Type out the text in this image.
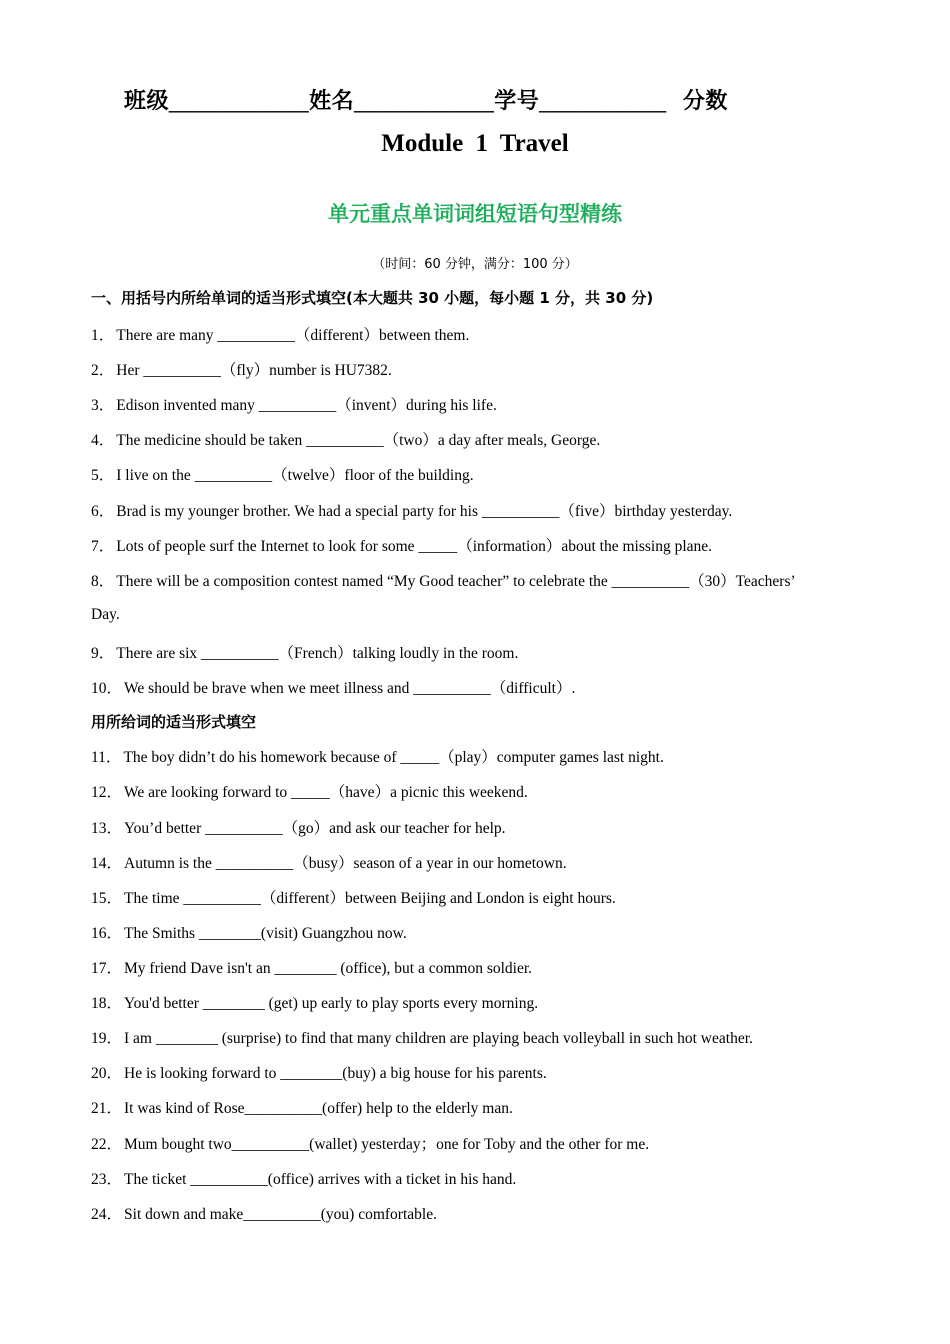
班级___________姓名___________学号__________ 分数
Module 1 Travel
单元重点单词词组短语句型精练
（时间：60 分钟，满分：100 分）
一、用括号内所给单词的适当形式填空(本大题共 30 小题，每小题 1 分，共 30 分)
1． There are many __________（different）between them.
2． Her __________（fly）number is HU7382.
3． Edison invented many __________（invent）during his life.
4． The medicine should be taken __________（two）a day after meals, George.
5． I live on the __________（twelve）floor of the building.
6． Brad is my younger brother. We had a special party for his __________（five）birthday yesterday.
7． Lots of people surf the Internet to look for some _____（information）about the missing plane.
8． There will be a composition contest named “My Good teacher” to celebrate the __________（30）Teachers’
Day.
9． There are six __________（French）talking loudly in the room.
10． We should be brave when we meet illness and __________（difficult）.
用所给词的适当形式填空
11． The boy didn’t do his homework because of _____（play）computer games last night.
12． We are looking forward to _____（have）a picnic this weekend.
13． You’d better __________（go）and ask our teacher for help.
14． Autumn is the __________（busy）season of a year in our hometown.
15． The time __________（different）between Beijing and London is eight hours.
16． The Smiths ________(visit) Guangzhou now.
17． My friend Dave isn't an ________ (office), but a common soldier.
18． You'd better ________ (get) up early to play sports every morning.
19． I am ________ (surprise) to find that many children are playing beach volleyball in such hot weather.
20． He is looking forward to ________(buy) a big house for his parents.
21． It was kind of Rose__________(offer) help to the elderly man.
22． Mum bought two__________(wallet) yesterday；one for Toby and the other for me.
23． The ticket __________(office) arrives with a ticket in his hand.
24． Sit down and make__________(you) comfortable.
